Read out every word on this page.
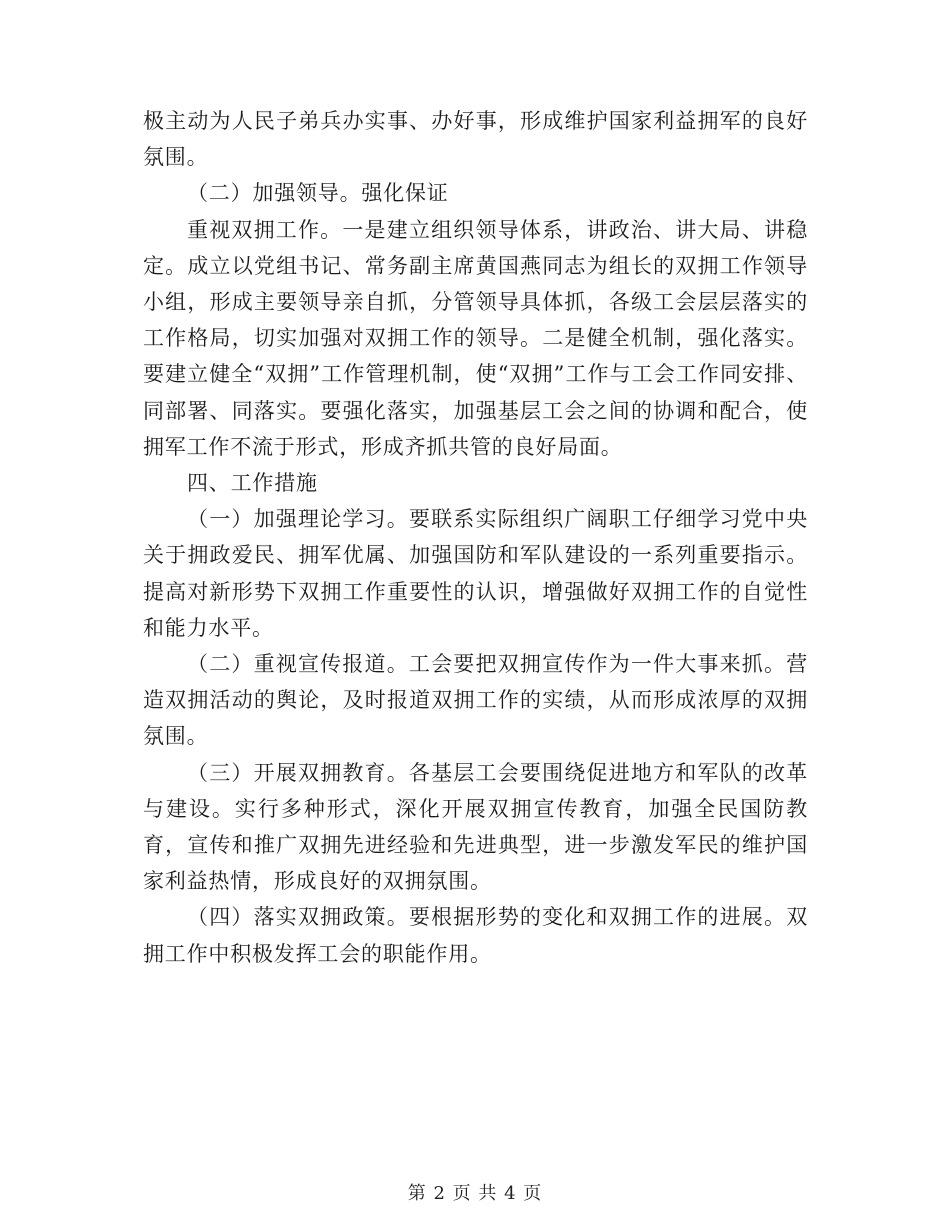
极主动为人民子弟兵办实事、办好事，形成维护国家利益拥军的良好氛围。

（二）加强领导。强化保证

重视双拥工作。一是建立组织领导体系，讲政治、讲大局、讲稳定。成立以党组书记、常务副主席黄国燕同志为组长的双拥工作领导小组，形成主要领导亲自抓，分管领导具体抓，各级工会层层落实的工作格局，切实加强对双拥工作的领导。二是健全机制，强化落实。要建立健全“双拥”工作管理机制，使“双拥”工作与工会工作同安排、同部署、同落实。要强化落实，加强基层工会之间的协调和配合，使拥军工作不流于形式，形成齐抓共管的良好局面。

四、工作措施

（一）加强理论学习。要联系实际组织广阔职工仔细学习党中央关于拥政爱民、拥军优属、加强国防和军队建设的一系列重要指示。提高对新形势下双拥工作重要性的认识，增强做好双拥工作的自觉性和能力水平。

（二）重视宣传报道。工会要把双拥宣传作为一件大事来抓。营造双拥活动的舆论，及时报道双拥工作的实绩，从而形成浓厚的双拥氛围。

（三）开展双拥教育。各基层工会要围绕促进地方和军队的改革与建设。实行多种形式，深化开展双拥宣传教育，加强全民国防教育，宣传和推广双拥先进经验和先进典型，进一步激发军民的维护国家利益热情，形成良好的双拥氛围。

（四）落实双拥政策。要根据形势的变化和双拥工作的进展。双拥工作中积极发挥工会的职能作用。

第 2 页 共 4 页
